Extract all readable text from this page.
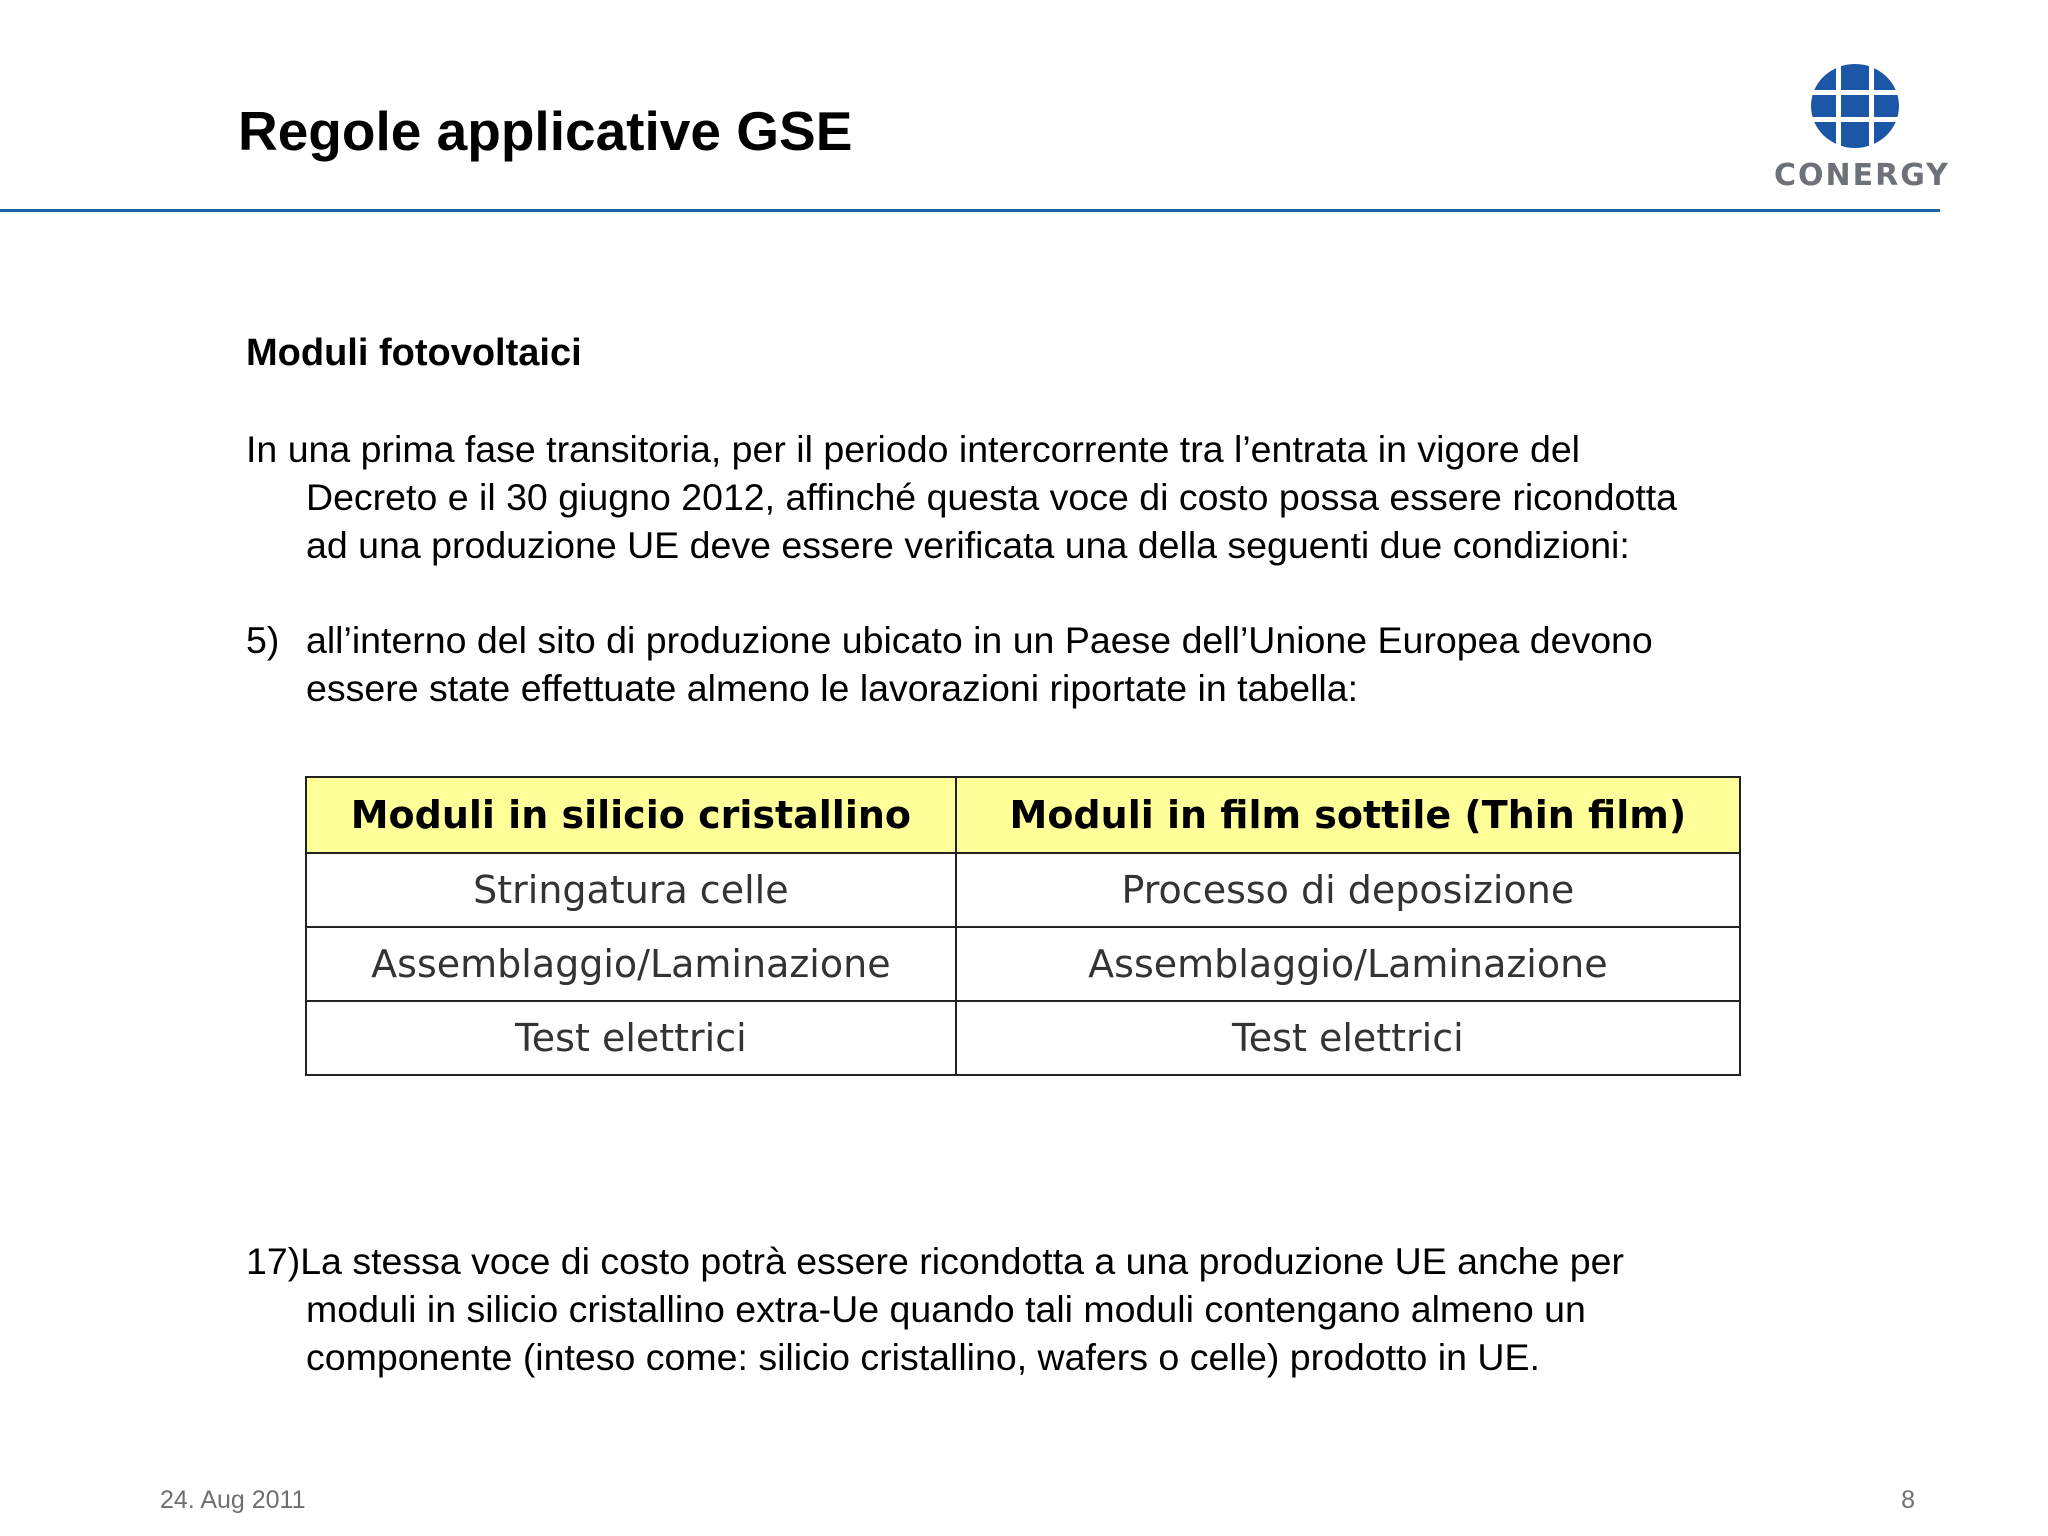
Regole applicative GSE
CONERGY
Moduli fotovoltaici
In una prima fase transitoria, per il periodo intercorrente tra l’entrata in vigore del
Decreto e il 30 giugno 2012, affinché questa voce di costo possa essere ricondotta
ad una produzione UE deve essere verificata una della seguenti due condizioni:
5) all’interno del sito di produzione ubicato in un Paese dell’Unione Europea devono
essere state effettuate almeno le lavorazioni riportate in tabella:
Moduli in silicio cristallino	Moduli in film sottile (Thin film)
Stringatura celle	Processo di deposizione
Assemblaggio/Laminazione	Assemblaggio/Laminazione
Test elettrici	Test elettrici
17)La stessa voce di costo potrà essere ricondotta a una produzione UE anche per
moduli in silicio cristallino extra-Ue quando tali moduli contengano almeno un
componente (inteso come: silicio cristallino, wafers o celle) prodotto in UE.
24. Aug 2011	8
